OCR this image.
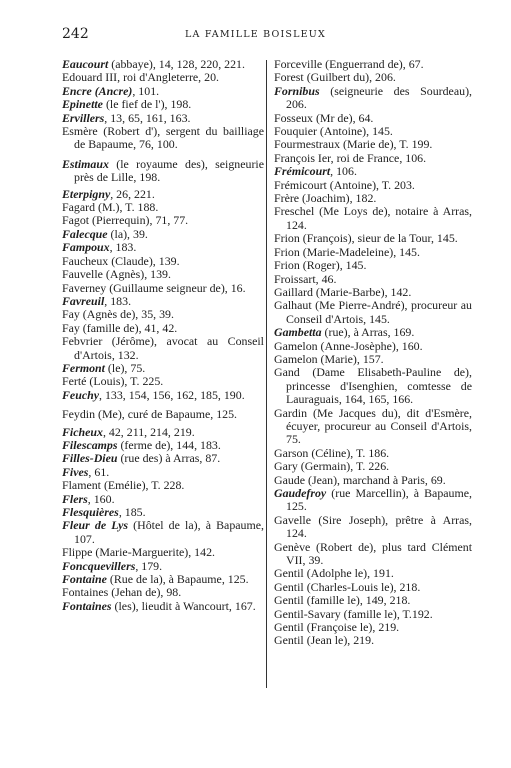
242	LA FAMILLE BOISLEUX
Eaucourt (abbaye), 14, 128, 220, 221.
Edouard III, roi d'Angleterre, 20.
Encre (Ancre), 101.
Epinette (le fief de l'), 198.
Ervillers, 13, 65, 161, 163.
Esmère (Robert d'), sergent du bailliage de Bapaume, 76, 100.
Estimaux (le royaume des), seigneurie près de Lille, 198.
Eterpigny, 26, 221.
Fagard (M.), T. 188.
Fagot (Pierrequin), 71, 77.
Falecque (la), 39.
Fampoux, 183.
Faucheux (Claude), 139.
Fauvelle (Agnès), 139.
Faverney (Guillaume seigneur de), 16.
Favreuil, 183.
Fay (Agnès de), 35, 39.
Fay (famille de), 41, 42.
Febvrier (Jérôme), avocat au Conseil d'Artois, 132.
Fermont (le), 75.
Ferté (Louis), T. 225.
Feuchy, 133, 154, 156, 162, 185, 190.
Feydin (Me), curé de Bapaume, 125.
Ficheux, 42, 211, 214, 219.
Filescamps (ferme de), 144, 183.
Filles-Dieu (rue des) à Arras, 87.
Fives, 61.
Flament (Emélie), T. 228.
Flers, 160.
Flesquières, 185.
Fleur de Lys (Hôtel de la), à Bapaume, 107.
Flippe (Marie-Marguerite), 142.
Foncquevillers, 179.
Fontaine (Rue de la), à Bapaume, 125.
Fontaines (Jehan de), 98.
Fontaines (les), lieudit à Wancourt, 167.
Forceville (Enguerrand de), 67.
Forest (Guilbert du), 206.
Fornibus (seigneurie des Sourdeau), 206.
Fosseux (Mr de), 64.
Fouquier (Antoine), 145.
Fourmestraux (Marie de), T. 199.
François Ier, roi de France, 106.
Frémicourt, 106.
Frémicourt (Antoine), T. 203.
Frère (Joachim), 182.
Freschel (Me Loys de), notaire à Arras, 124.
Frion (François), sieur de la Tour, 145.
Frion (Marie-Madeleine), 145.
Frion (Roger), 145.
Froissart, 46.
Gaillard (Marie-Barbe), 142.
Galhaut (Me Pierre-André), procureur au Conseil d'Artois, 145.
Gambetta (rue), à Arras, 169.
Gamelon (Anne-Josèphe), 160.
Gamelon (Marie), 157.
Gand (Dame Elisabeth-Pauline de), princesse d'Isenghien, comtesse de Lauraguais, 164, 165, 166.
Gardin (Me Jacques du), dit d'Esmère, écuyer, procureur au Conseil d'Artois, 75.
Garson (Céline), T. 186.
Gary (Germain), T. 226.
Gaude (Jean), marchand à Paris, 69.
Gaudefroy (rue Marcellin), à Bapaume, 125.
Gavelle (Sire Joseph), prêtre à Arras, 124.
Genève (Robert de), plus tard Clément VII, 39.
Gentil (Adolphe le), 191.
Gentil (Charles-Louis le), 218.
Gentil (famille le), 149, 218.
Gentil-Savary (famille le), T.192.
Gentil (Françoise le), 219.
Gentil (Jean le), 219.
